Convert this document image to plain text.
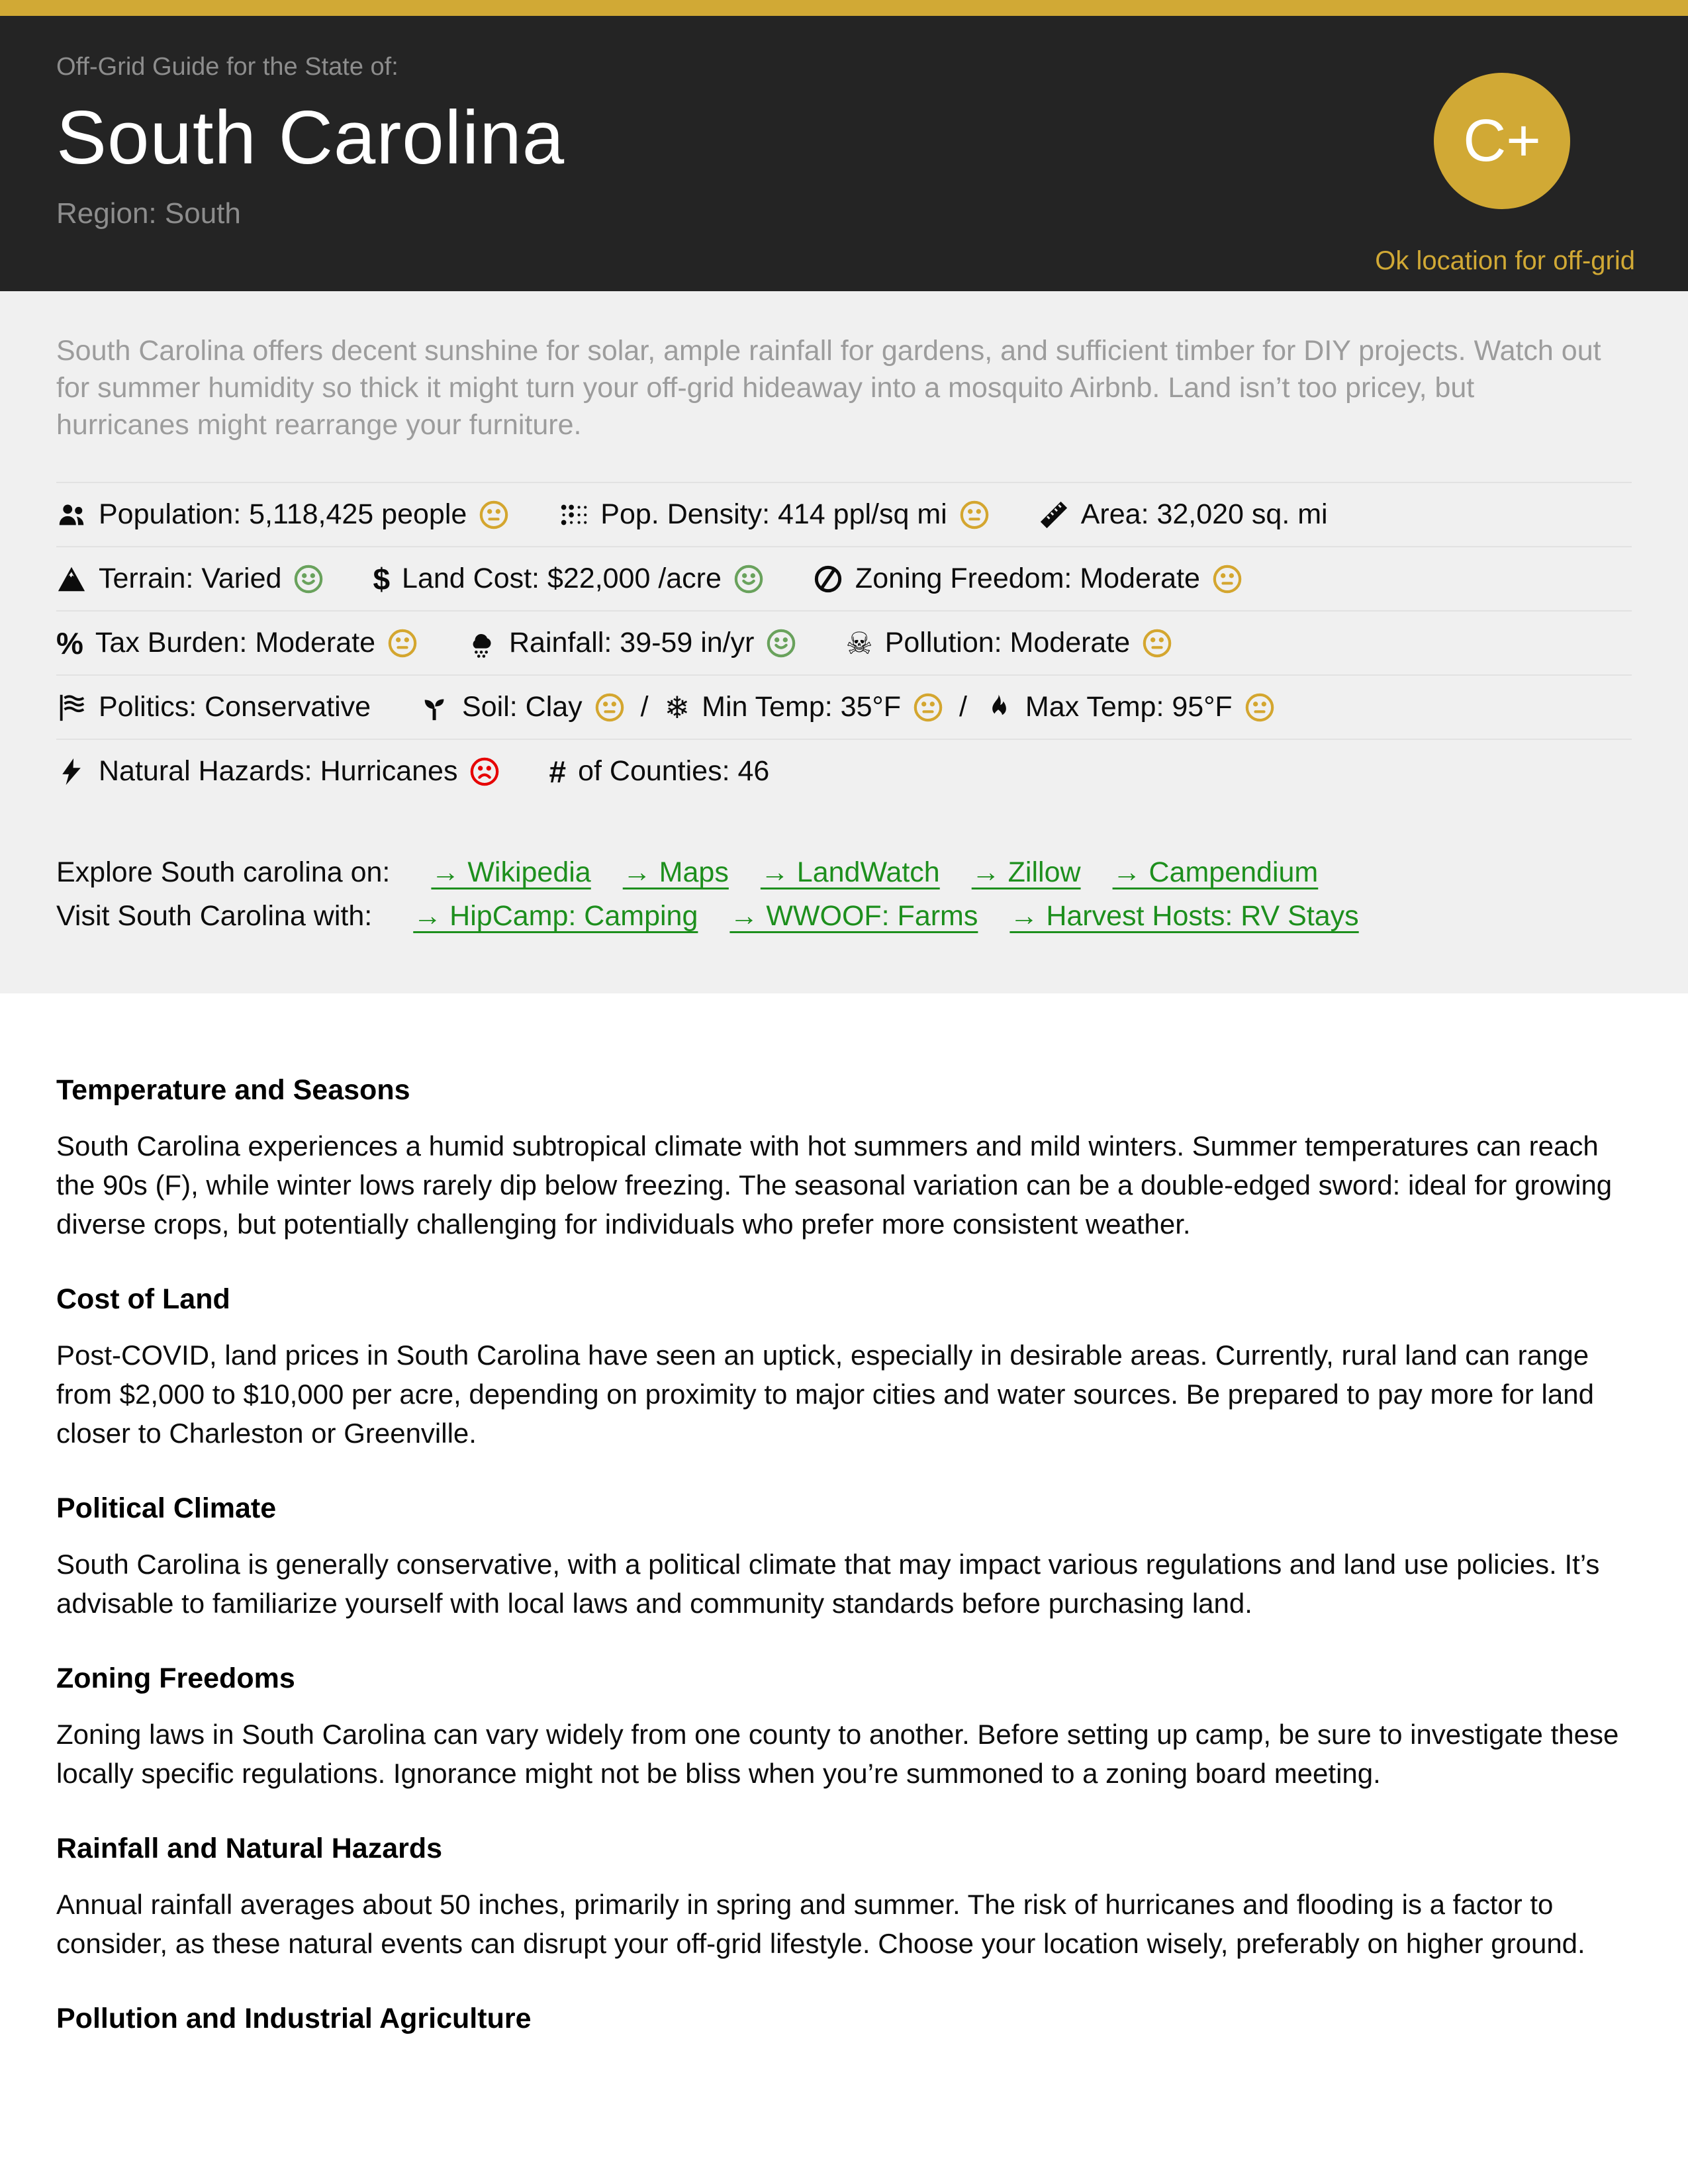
Off-Grid Guide for the State of:
South Carolina
Region: South
C+
Ok location for off-grid

South Carolina offers decent sunshine for solar, ample rainfall for gardens, and sufficient timber for DIY projects. Watch out for summer humidity so thick it might turn your off-grid hideaway into a mosquito Airbnb. Land isn’t too pricey, but hurricanes might rearrange your furniture.

Population: 5,118,425 people	Pop. Density: 414 ppl/sq mi	Area: 32,020 sq. mi
Terrain: Varied	$ Land Cost: $22,000 /acre	Zoning Freedom: Moderate
% Tax Burden: Moderate	Rainfall: 39-59 in/yr	☠ Pollution: Moderate
Politics: Conservative	Soil: Clay / ❄ Min Temp: 35°F / Max Temp: 95°F
Natural Hazards: Hurricanes	# of Counties: 46
Explore South carolina on: → Wikipedia → Maps → LandWatch → Zillow → Campendium
Visit South Carolina with: → HipCamp: Camping → WWOOF: Farms → Harvest Hosts: RV Stays
Temperature and Seasons

South Carolina experiences a humid subtropical climate with hot summers and mild winters. Summer temperatures can reach the 90s (F), while winter lows rarely dip below freezing. The seasonal variation can be a double-edged sword: ideal for growing diverse crops, but potentially challenging for individuals who prefer more consistent weather.

Cost of Land

Post-COVID, land prices in South Carolina have seen an uptick, especially in desirable areas. Currently, rural land can range from $2,000 to $10,000 per acre, depending on proximity to major cities and water sources. Be prepared to pay more for land closer to Charleston or Greenville.

Political Climate

South Carolina is generally conservative, with a political climate that may impact various regulations and land use policies. It’s advisable to familiarize yourself with local laws and community standards before purchasing land.

Zoning Freedoms

Zoning laws in South Carolina can vary widely from one county to another. Before setting up camp, be sure to investigate these locally specific regulations. Ignorance might not be bliss when you’re summoned to a zoning board meeting.

Rainfall and Natural Hazards

Annual rainfall averages about 50 inches, primarily in spring and summer. The risk of hurricanes and flooding is a factor to consider, as these natural events can disrupt your off-grid lifestyle. Choose your location wisely, preferably on higher ground.

Pollution and Industrial Agriculture
